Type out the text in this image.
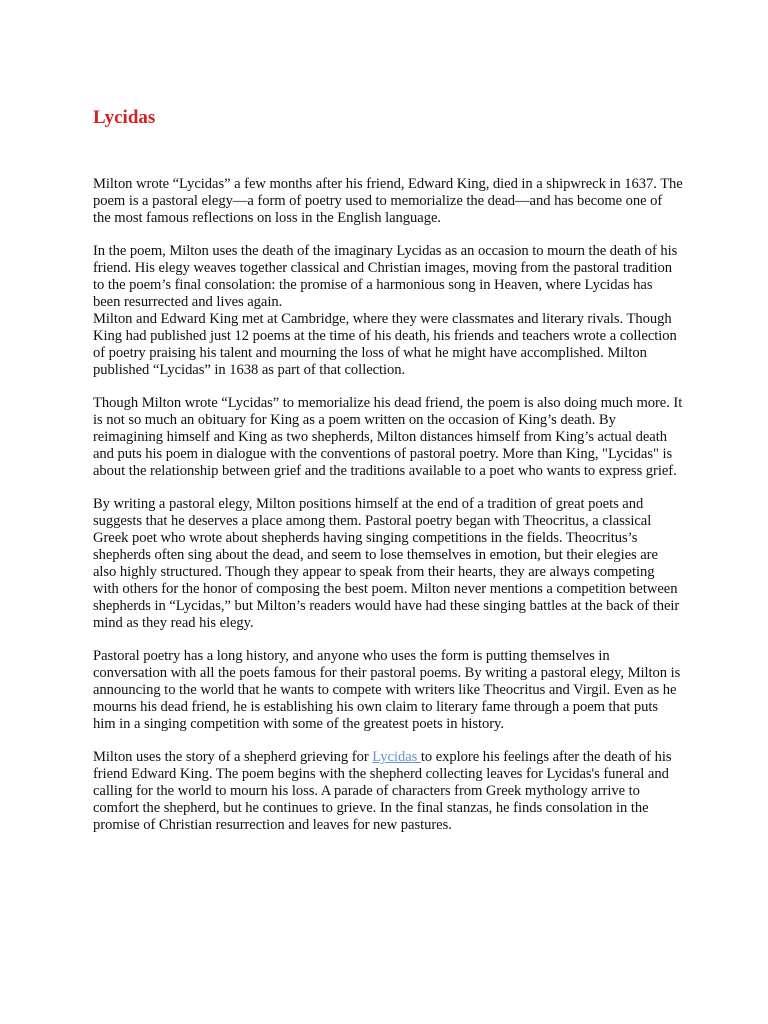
Lycidas

Milton wrote “Lycidas” a few months after his friend, Edward King, died in a shipwreck in 1637. The poem is a pastoral elegy—a form of poetry used to memorialize the dead—and has become one of the most famous reflections on loss in the English language.

In the poem, Milton uses the death of the imaginary Lycidas as an occasion to mourn the death of his friend. His elegy weaves together classical and Christian images, moving from the pastoral tradition to the poem’s final consolation: the promise of a harmonious song in Heaven, where Lycidas has been resurrected and lives again.

Milton and Edward King met at Cambridge, where they were classmates and literary rivals. Though King had published just 12 poems at the time of his death, his friends and teachers wrote a collection of poetry praising his talent and mourning the loss of what he might have accomplished. Milton published “Lycidas” in 1638 as part of that collection.

Though Milton wrote “Lycidas” to memorialize his dead friend, the poem is also doing much more. It is not so much an obituary for King as a poem written on the occasion of King’s death. By reimagining himself and King as two shepherds, Milton distances himself from King’s actual death and puts his poem in dialogue with the conventions of pastoral poetry. More than King, "Lycidas" is about the relationship between grief and the traditions available to a poet who wants to express grief.

By writing a pastoral elegy, Milton positions himself at the end of a tradition of great poets and suggests that he deserves a place among them. Pastoral poetry began with Theocritus, a classical Greek poet who wrote about shepherds having singing competitions in the fields. Theocritus’s shepherds often sing about the dead, and seem to lose themselves in emotion, but their elegies are also highly structured. Though they appear to speak from their hearts, they are always competing with others for the honor of composing the best poem. Milton never mentions a competition between shepherds in “Lycidas,” but Milton’s readers would have had these singing battles at the back of their mind as they read his elegy.

Pastoral poetry has a long history, and anyone who uses the form is putting themselves in conversation with all the poets famous for their pastoral poems. By writing a pastoral elegy, Milton is announcing to the world that he wants to compete with writers like Theocritus and Virgil. Even as he mourns his dead friend, he is establishing his own claim to literary fame through a poem that puts him in a singing competition with some of the greatest poets in history.

Milton uses the story of a shepherd grieving for Lycidas to explore his feelings after the death of his friend Edward King. The poem begins with the shepherd collecting leaves for Lycidas's funeral and calling for the world to mourn his loss. A parade of characters from Greek mythology arrive to comfort the shepherd, but he continues to grieve. In the final stanzas, he finds consolation in the promise of Christian resurrection and leaves for new pastures.
